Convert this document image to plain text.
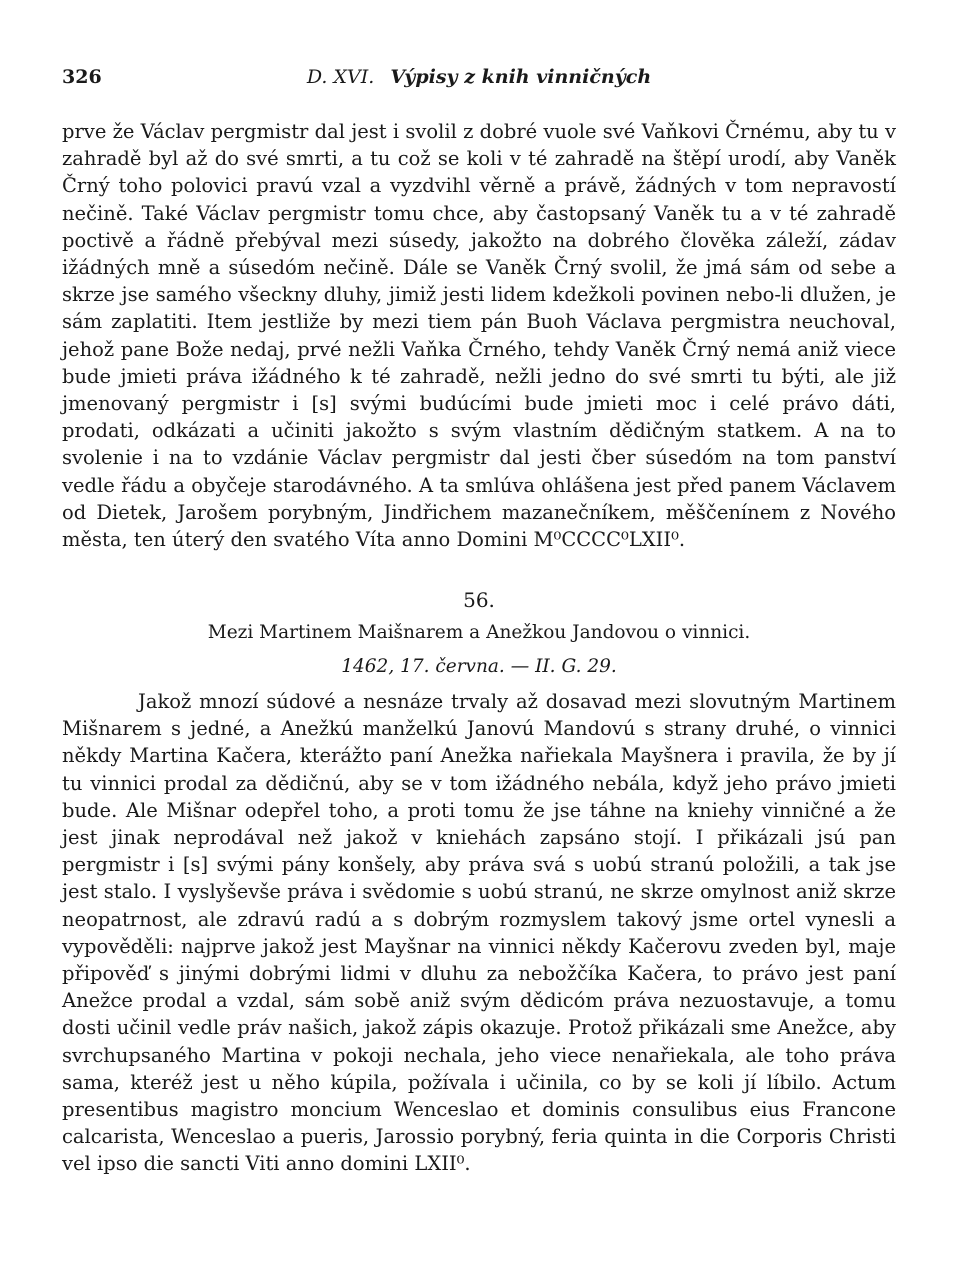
326	D. XVI. Výpisy z knih vinničných

prve že Václav pergmistr dal jest i svolil z dobré vuole své Vaňkovi Črnému, aby tu v zahradě byl až do své smrti, a tu což se koli v té zahradě na štěpí urodí, aby Vaněk Črný toho polovici pravú vzal a vyzdvihl věrně a právě, žádných v tom nepravostí nečině. Také Václav pergmistr tomu chce, aby častopsaný Vaněk tu a v té zahradě poctivě a řádně přebýval mezi súsedy, jakožto na dobrého člověka záleží, zádav ižádných mně a súsedóm nečině. Dále se Vaněk Črný svolil, že jmá sám od sebe a skrze jse samého všeckny dluhy, jimiž jesti lidem kdežkoli povinen nebo-li dlužen, je sám zaplatiti. Item jestliže by mezi tiem pán Buoh Václava pergmistra neuchoval, jehož pane Bože nedaj, prvé nežli Vaňka Črného, tehdy Vaněk Črný nemá aniž viece bude jmieti práva ižádného k té zahradě, nežli jedno do své smrti tu býti, ale již jmenovaný pergmistr i [s] svými budúcími bude jmieti moc i celé právo dáti, prodati, odkázati a učiniti jakožto s svým vlastním dědičným statkem. A na to svolenie i na to vzdánie Václav pergmistr dal jesti čber súsedóm na tom panství vedle řádu a obyčeje starodávného. A ta smlúva ohlášena jest před panem Václavem od Dietek, Jarošem porybným, Jindřichem mazanečníkem, měščenínem z Nového města, ten úterý den svatého Víta anno Domini M⁰CCCC⁰LXII⁰.

56.
Mezi Martinem Maišnarem a Anežkou Jandovou o vinnici.
1462, 17. června. — II. G. 29.

Jakož mnozí súdové a nesnáze trvaly až dosavad mezi slovutným Martinem Mišnarem s jedné, a Anežkú manželkú Janovú Mandovú s strany druhé, o vinnici někdy Martina Kačera, kterážto paní Anežka nařiekala Mayšnera i pravila, že by jí tu vinnici prodal za dědičnú, aby se v tom ižádného nebála, když jeho právo jmieti bude. Ale Mišnar odepřel toho, a proti tomu že jse táhne na kniehy vinničné a že jest jinak neprodával než jakož v kniehách zapsáno stojí. I přikázali jsú pan pergmistr i [s] svými pány konšely, aby práva svá s uobú stranú položili, a tak jse jest stalo. I vyslyševše práva i svědomie s uobú stranú, ne skrze omylnost aniž skrze neopatrnost, ale zdravú radú a s dobrým rozmyslem takový jsme ortel vynesli a vypověděli: najprve jakož jest Mayšnar na vinnici někdy Kačerovu zveden byl, maje připověď s jinými dobrými lidmi v dluhu za nebožčíka Kačera, to právo jest paní Anežce prodal a vzdal, sám sobě aniž svým dědicóm práva nezuostavuje, a tomu dosti učinil vedle práv našich, jakož zápis okazuje. Protož přikázali sme Anežce, aby svrchupsaného Martina v pokoji nechala, jeho viece nenařiekala, ale toho práva sama, kteréž jest u něho kúpila, požívala i učinila, co by se koli jí líbilo. Actum presentibus magistro moncium Wenceslao et dominis consulibus eius Francone calcarista, Wenceslao a pueris, Jarossio porybný, feria quinta in die Corporis Christi vel ipso die sancti Viti anno domini LXII⁰.
